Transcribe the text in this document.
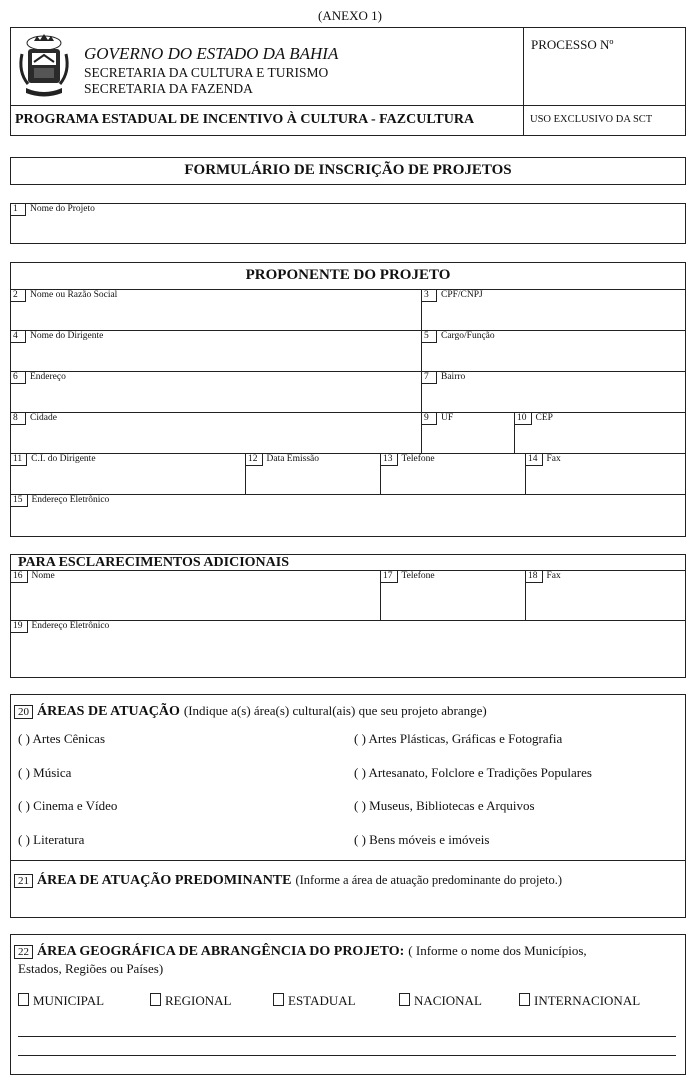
(ANEXO 1)
GOVERNO DO ESTADO DA BAHIA
SECRETARIA DA CULTURA E TURISMO
SECRETARIA DA FAZENDA
PROGRAMA ESTADUAL DE INCENTIVO À CULTURA - FAZCULTURA
PROCESSO Nº
USO EXCLUSIVO DA SCT
FORMULÁRIO DE INSCRIÇÃO DE PROJETOS
1 Nome do Projeto
PROPONENTE DO PROJETO
2 Nome ou Razão Social	3 CPF/CNPJ
4 Nome do Dirigente	5 Cargo/Função
6 Endereço	7 Bairro
8 Cidade	9 UF	10 CEP
11 C.I. do Dirigente	12 Data Emissão	13 Telefone	14 Fax
15 Endereço Eletrônico
PARA ESCLARECIMENTOS ADICIONAIS
16 Nome	17 Telefone	18 Fax
19 Endereço Eletrônico
20 ÁREAS DE ATUAÇÃO (Indique a(s) área(s) cultural(ais) que seu projeto abrange)
( ) Artes Cênicas	( ) Artes Plásticas, Gráficas e Fotografia
( ) Música	( ) Artesanato, Folclore e Tradições Populares
( ) Cinema e Vídeo	( ) Museus, Bibliotecas e Arquivos
( ) Literatura	( ) Bens móveis e imóveis
21 ÁREA DE ATUAÇÃO PREDOMINANTE (Informe a área de atuação predominante do projeto.)
22 ÁREA GEOGRÁFICA DE ABRANGÊNCIA DO PROJETO: ( Informe o nome dos Municípios,
Estados, Regiões ou Países)
MUNICIPAL	REGIONAL	ESTADUAL	NACIONAL	INTERNACIONAL
